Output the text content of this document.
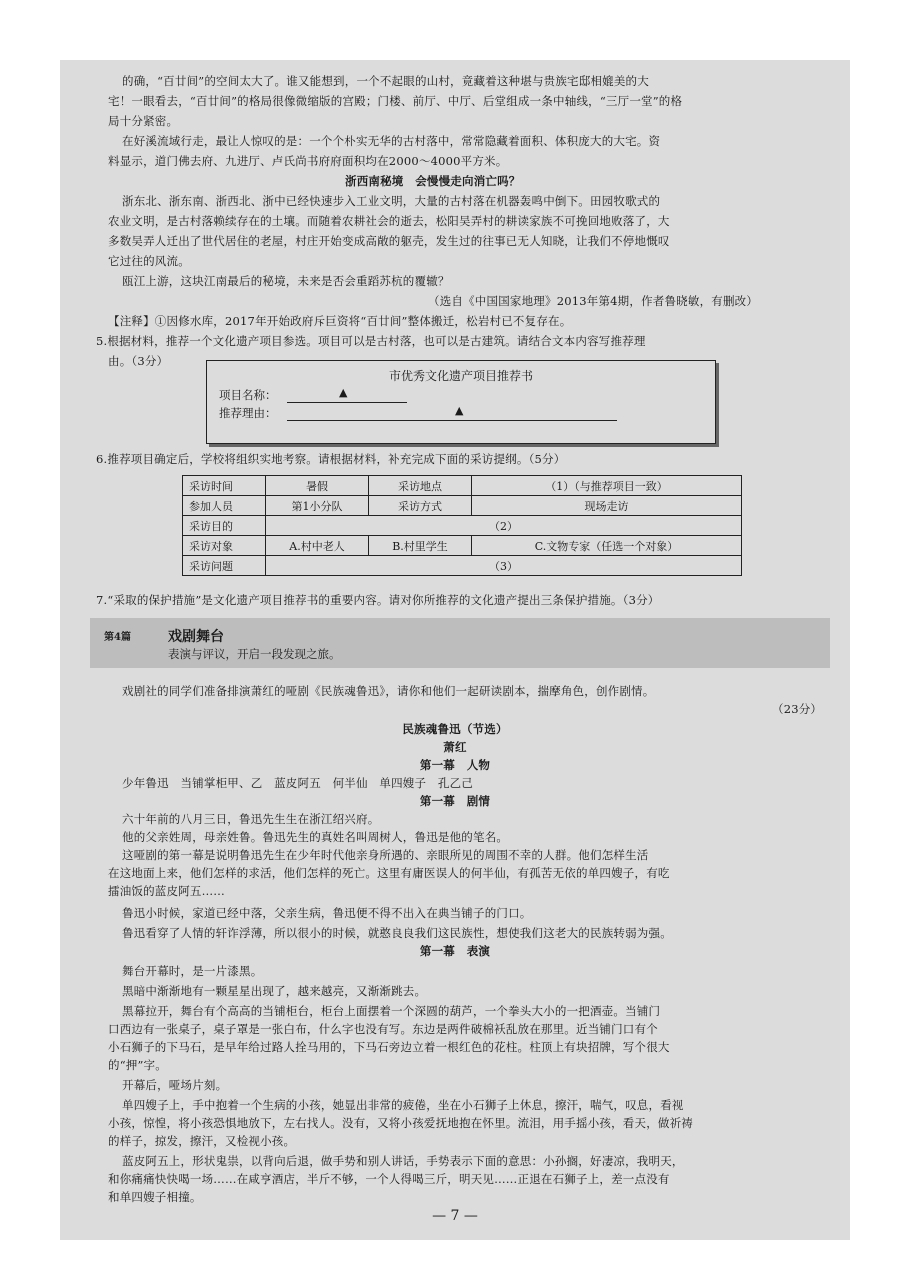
的确，“百廿间”的空间太大了。谁又能想到，一个不起眼的山村，竟藏着这种堪与贵族宅邸相媲美的大
宅！一眼看去，“百廿间”的格局很像微缩版的宫殿；门楼、前厅、中厅、后堂组成一条中轴线，“三厅一堂”的格
局十分紧密。
在好溪流域行走，最让人惊叹的是：一个个朴实无华的古村落中，常常隐藏着面积、体积庞大的大宅。资
料显示，道门佛去府、九进厅、卢氏尚书府府面积均在2000～4000平方米。
浙西南秘境　会慢慢走向消亡吗？
浙东北、浙东南、浙西北、浙中已经快速步入工业文明，大量的古村落在机器轰鸣中倒下。田园牧歌式的
农业文明，是古村落赖续存在的土壤。而随着农耕社会的逝去，松阳吴弄村的耕读家族不可挽回地败落了，大
多数吴弄人迁出了世代居住的老屋，村庄开始变成高敞的躯壳，发生过的往事已无人知晓，让我们不停地慨叹
它过往的风流。
瓯江上游，这块江南最后的秘境，未来是否会重蹈苏杭的覆辙？
（选自《中国国家地理》2013年第4期，作者鲁晓敏，有删改）
【注释】①因修水库，2017年开始政府斥巨资将“百廿间”整体搬迁，松岩村已不复存在。
5.根据材料，推荐一个文化遗产项目参选。项目可以是古村落，也可以是古建筑。请结合文本内容写推荐理
由。（3分）
市优秀文化遗产项目推荐书
项目名称：	▲
推荐理由：	▲
6.推荐项目确定后，学校将组织实地考察。请根据材料，补充完成下面的采访提纲。（5分）
采访时间	暑假	采访地点	（1）（与推荐项目一致）
参加人员	第1小分队	采访方式	现场走访
采访目的	（2）		
采访对象	A.村中老人	B.村里学生	C.文物专家（任选一个对象）
采访问题	（3）		
7.“采取的保护措施”是文化遗产项目推荐书的重要内容。请对你所推荐的文化遗产提出三条保护措施。（3分）
第4篇	戏剧舞台
表演与评议，开启一段发现之旅。
戏剧社的同学们准备排演萧红的哑剧《民族魂鲁迅》，请你和他们一起研读剧本，揣摩角色，创作剧情。
（23分）
民族魂鲁迅（节选）
萧红
第一幕　人物
少年鲁迅　当铺掌柜甲、乙　蓝皮阿五　何半仙　单四嫂子　孔乙己
第一幕　剧情
六十年前的八月三日，鲁迅先生生在浙江绍兴府。
他的父亲姓周，母亲姓鲁。鲁迅先生的真姓名叫周树人，鲁迅是他的笔名。
这哑剧的第一幕是说明鲁迅先生在少年时代他亲身所遇的、亲眼所见的周围不幸的人群。他们怎样生活
在这地面上来，他们怎样的求活，他们怎样的死亡。这里有庸医误人的何半仙，有孤苦无依的单四嫂子，有吃
擂油饭的蓝皮阿五……
鲁迅小时候，家道已经中落，父亲生病，鲁迅便不得不出入在典当铺子的门口。
鲁迅看穿了人情的轩诈浮薄，所以很小的时候，就憨良良我们这民族性，想使我们这老大的民族转弱为强。
第一幕　表演
舞台开幕时，是一片漆黑。
黑暗中渐渐地有一颗星星出现了，越来越亮，又渐渐跳去。
黑幕拉开，舞台有个高高的当铺柜台，柜台上面摆着一个深圆的葫芦，一个拳头大小的一把酒壶。当铺门
口西边有一张桌子，桌子罩是一张白布，什么字也没有写。东边是两件破棉袄乱放在那里。近当铺门口有个
小石狮子的下马石，是早年给过路人拴马用的，下马石旁边立着一根红色的花柱。柱顶上有块招牌，写个很大
的“押”字。
开幕后，哑场片刻。
单四嫂子上，手中抱着一个生病的小孩，她显出非常的疲倦，坐在小石狮子上休息，擦汗，喘气，叹息，看视
小孩，惊惶，将小孩恐惧地放下，左右找人。没有，又将小孩爱抚地抱在怀里。流泪，用手摇小孩，看天，做祈祷
的样子，掠发，擦汗，又检视小孩。
蓝皮阿五上，形状鬼祟，以背向后退，做手势和别人讲话，手势表示下面的意思：小孙搁，好凄凉，我明天，
和你痛痛快快喝一场……在咸亨酒店，半斤不够，一个人得喝三斤，明天见……正退在石狮子上，差一点没有
和单四嫂子相撞。
— 7 —
